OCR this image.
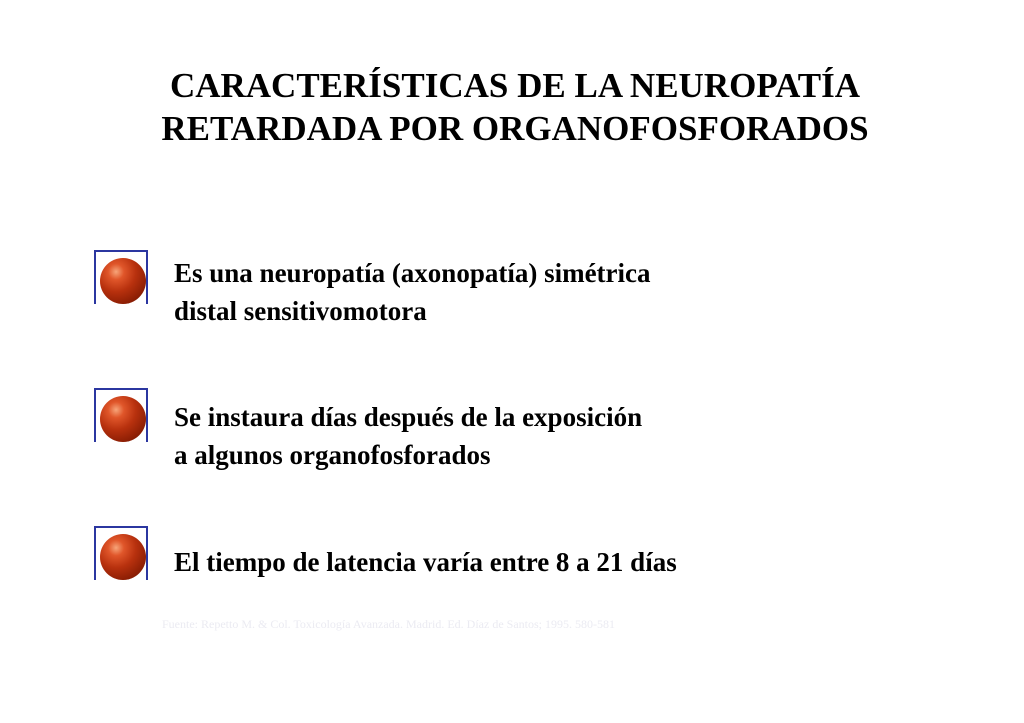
CARACTERÍSTICAS DE LA NEUROPATÍA
RETARDADA POR ORGANOFOSFORADOS
Es una neuropatía (axonopatía) simétrica
distal sensitivomotora
Se instaura días después de la exposición
a algunos organofosforados
El tiempo de latencia varía entre 8 a 21 días
Fuente: Repetto M. & Col. Toxicología Avanzada. Madrid. Ed. Díaz de Santos; 1995. 580-581
